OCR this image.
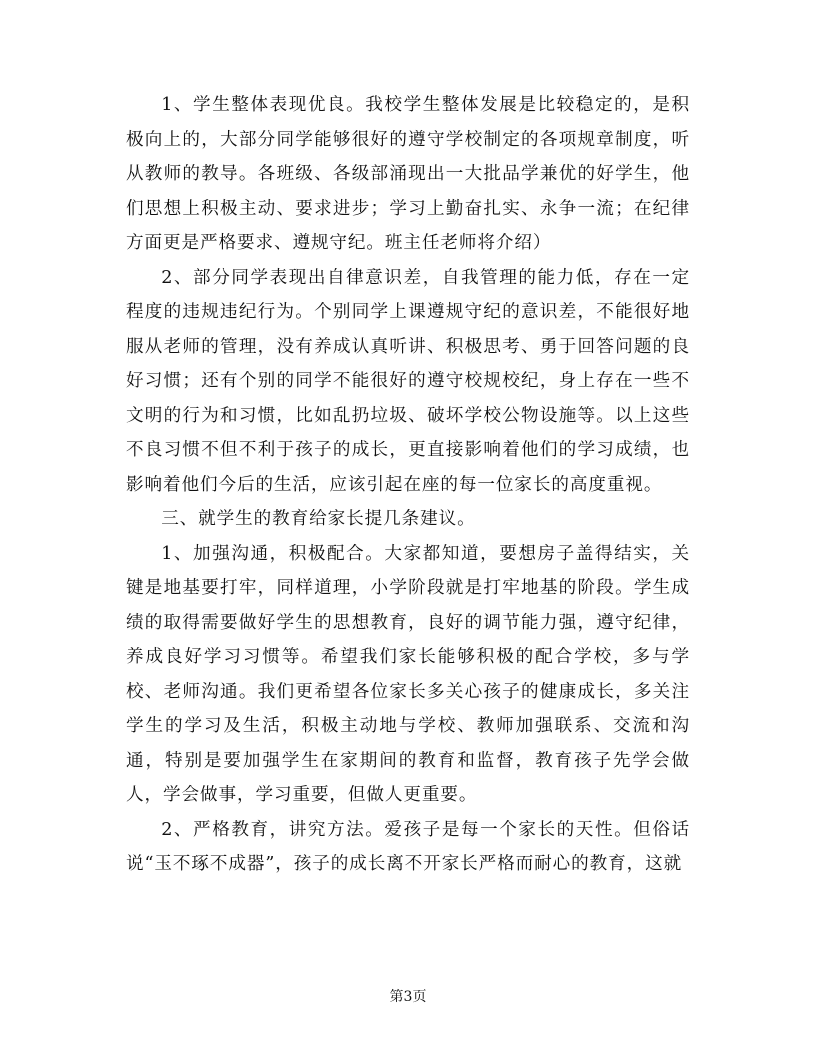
1、学生整体表现优良。我校学生整体发展是比较稳定的，是积极向上的，大部分同学能够很好的遵守学校制定的各项规章制度，听从教师的教导。各班级、各级部涌现出一大批品学兼优的好学生，他们思想上积极主动、要求进步；学习上勤奋扎实、永争一流；在纪律方面更是严格要求、遵规守纪。班主任老师将介绍）

2、部分同学表现出自律意识差，自我管理的能力低，存在一定程度的违规违纪行为。个别同学上课遵规守纪的意识差，不能很好地服从老师的管理，没有养成认真听讲、积极思考、勇于回答问题的良好习惯；还有个别的同学不能很好的遵守校规校纪，身上存在一些不文明的行为和习惯，比如乱扔垃圾、破坏学校公物设施等。以上这些不良习惯不但不利于孩子的成长，更直接影响着他们的学习成绩，也影响着他们今后的生活，应该引起在座的每一位家长的高度重视。

三、就学生的教育给家长提几条建议。

1、加强沟通，积极配合。大家都知道，要想房子盖得结实，关键是地基要打牢，同样道理，小学阶段就是打牢地基的阶段。学生成绩的取得需要做好学生的思想教育，良好的调节能力强，遵守纪律，养成良好学习习惯等。希望我们家长能够积极的配合学校，多与学校、老师沟通。我们更希望各位家长多关心孩子的健康成长，多关注学生的学习及生活，积极主动地与学校、教师加强联系、交流和沟通，特别是要加强学生在家期间的教育和监督，教育孩子先学会做人，学会做事，学习重要，但做人更重要。

2、严格教育，讲究方法。爱孩子是每一个家长的天性。但俗话说“玉不琢不成器”，孩子的成长离不开家长严格而耐心的教育，这就

第3页
